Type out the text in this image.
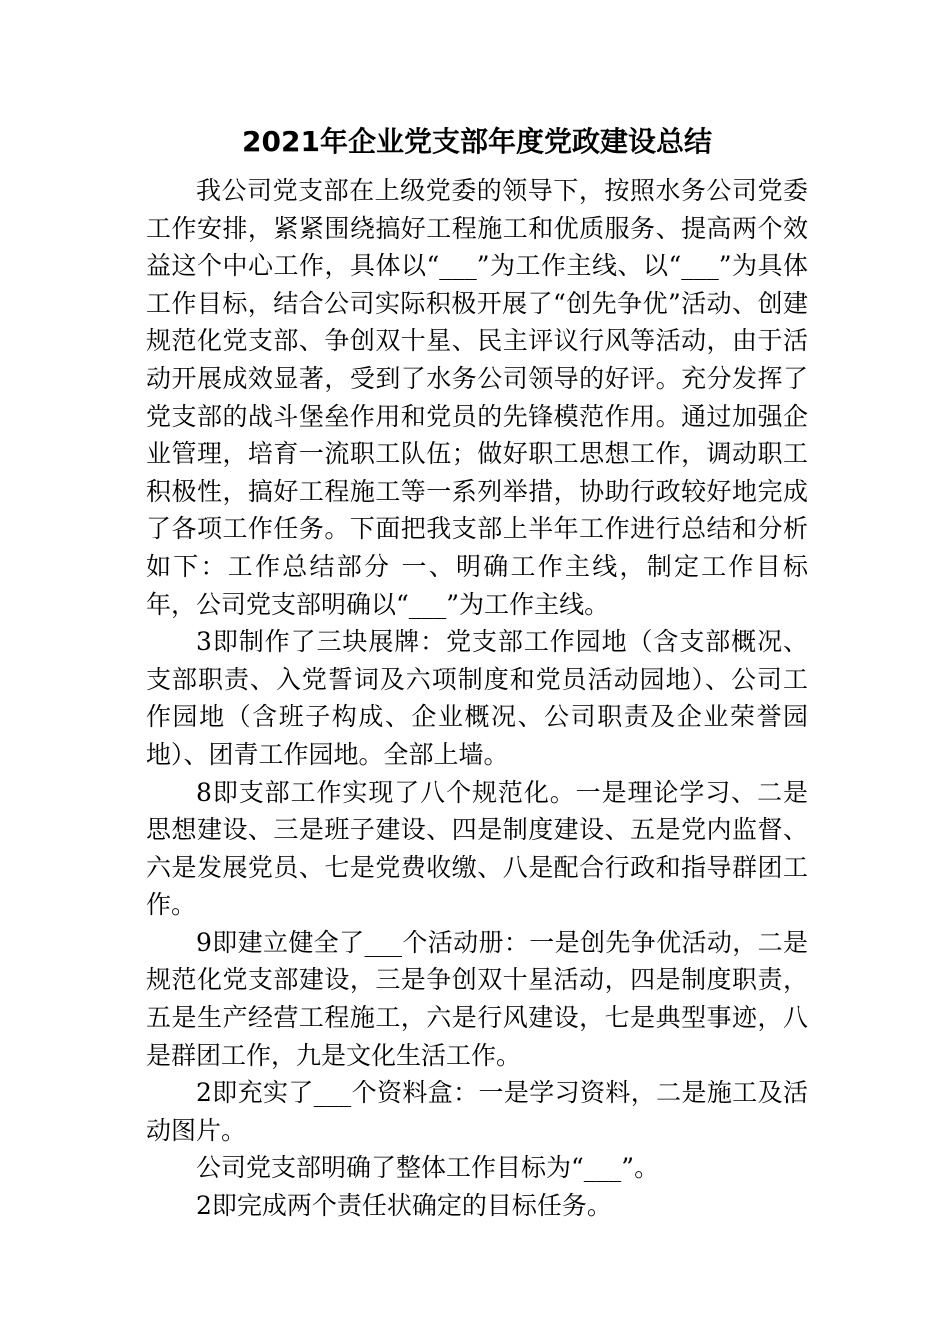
2021年企业党支部年度党政建设总结

我公司党支部在上级党委的领导下，按照水务公司党委工作安排，紧紧围绕搞好工程施工和优质服务、提高两个效益这个中心工作，具体以“___”为工作主线、以“___”为具体工作目标，结合公司实际积极开展了“创先争优”活动、创建规范化党支部、争创双十星、民主评议行风等活动，由于活动开展成效显著，受到了水务公司领导的好评。充分发挥了党支部的战斗堡垒作用和党员的先锋模范作用。通过加强企业管理，培育一流职工队伍；做好职工思想工作，调动职工积极性，搞好工程施工等一系列举措，协助行政较好地完成了各项工作任务。下面把我支部上半年工作进行总结和分析如下：工作总结部分 一、明确工作主线，制定工作目标 年，公司党支部明确以“___”为工作主线。

3即制作了三块展牌：党支部工作园地（含支部概况、支部职责、入党誓词及六项制度和党员活动园地）、公司工作园地（含班子构成、企业概况、公司职责及企业荣誉园地）、团青工作园地。全部上墙。

8即支部工作实现了八个规范化。一是理论学习、二是思想建设、三是班子建设、四是制度建设、五是党内监督、六是发展党员、七是党费收缴、八是配合行政和指导群团工作。

9即建立健全了___个活动册：一是创先争优活动，二是规范化党支部建设，三是争创双十星活动，四是制度职责，五是生产经营工程施工，六是行风建设，七是典型事迹，八是群团工作，九是文化生活工作。

2即充实了___个资料盒：一是学习资料，二是施工及活动图片。

公司党支部明确了整体工作目标为“___”。

2即完成两个责任状确定的目标任务。
